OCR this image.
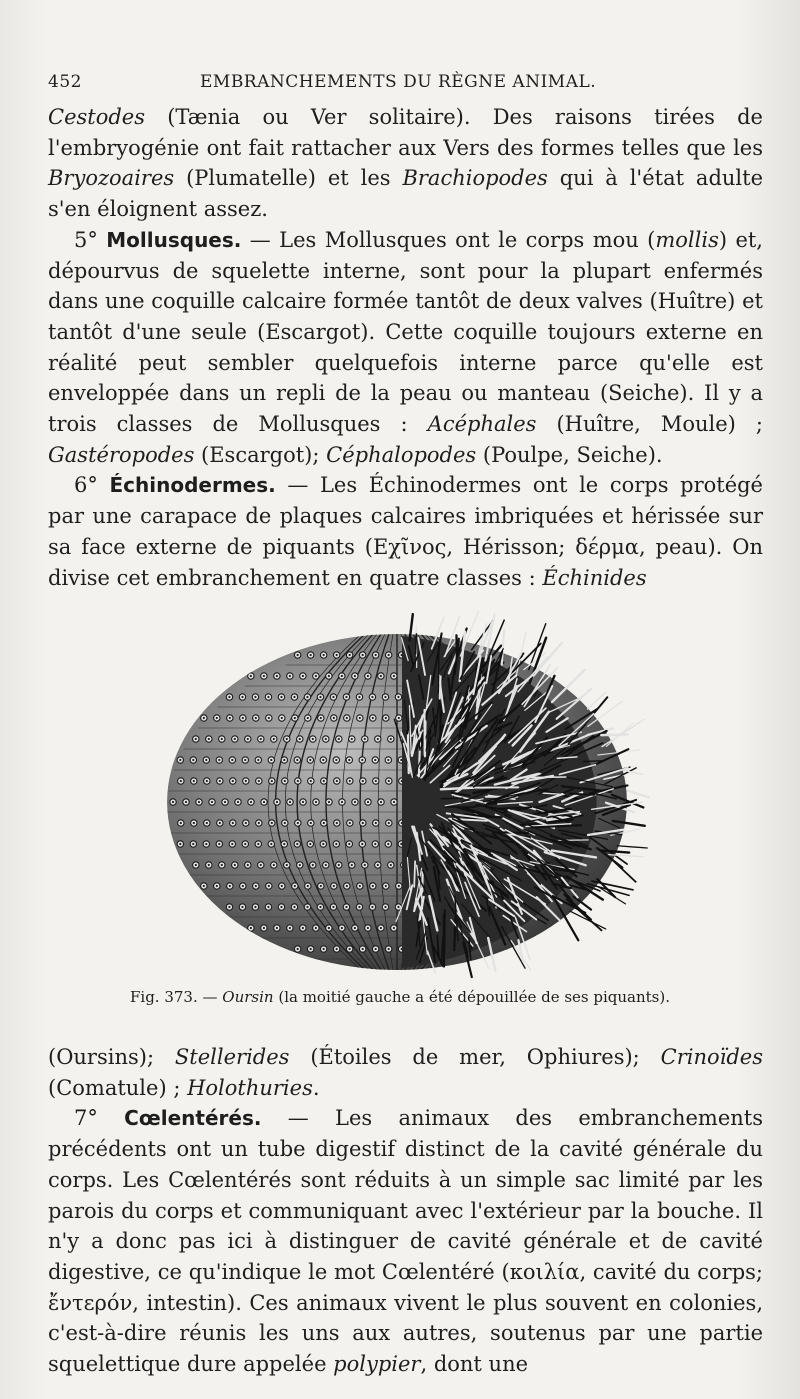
452	EMBRANCHEMENTS DU RÈGNE ANIMAL.

Cestodes (Tænia ou Ver solitaire). Des raisons tirées de l'embryogénie ont fait rattacher aux Vers des formes telles que les Bryozoaires (Plumatelle) et les Brachiopodes qui à l'état adulte s'en éloignent assez.

5° Mollusques. — Les Mollusques ont le corps mou (mollis) et, dépourvus de squelette interne, sont pour la plupart enfermés dans une coquille calcaire formée tantôt de deux valves (Huître) et tantôt d'une seule (Escargot). Cette coquille toujours externe en réalité peut sembler quelquefois interne parce qu'elle est enveloppée dans un repli de la peau ou manteau (Seiche). Il y a trois classes de Mollusques : Acéphales (Huître, Moule) ; Gastéropodes (Escargot); Céphalopodes (Poulpe, Seiche).

6° Échinodermes. — Les Échinodermes ont le corps protégé par une carapace de plaques calcaires imbriquées et hérissée sur sa face externe de piquants (Εχῖνος, Hérisson; δέρμα, peau). On divise cet embranchement en quatre classes : Échinides

Fig. 373. — Oursin (la moitié gauche a été dépouillée de ses piquants).

(Oursins); Stellerides (Étoiles de mer, Ophiures); Crinoïdes (Comatule) ; Holothuries.

7° Cœlentérés. — Les animaux des embranchements précédents ont un tube digestif distinct de la cavité générale du corps. Les Cœlentérés sont réduits à un simple sac limité par les parois du corps et communiquant avec l'extérieur par la bouche. Il n'y a donc pas ici à distinguer de cavité générale et de cavité digestive, ce qu'indique le mot Cœlentéré (κοιλία, cavité du corps; ἔντερόν, intestin). Ces animaux vivent le plus souvent en colonies, c'est-à-dire réunis les uns aux autres, soutenus par une partie squelettique dure appelée polypier, dont une
